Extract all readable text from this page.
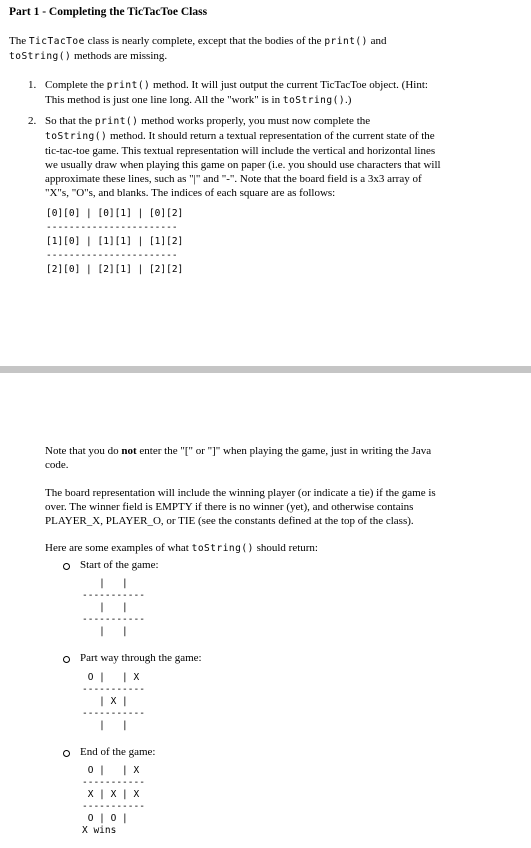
Part 1 - Completing the TicTacToe Class
The TicTacToe class is nearly complete, except that the bodies of the print() and
toString() methods are missing.
1. Complete the print() method. It will just output the current TicTacToe object. (Hint:
This method is just one line long. All the "work" is in toString().)
2. So that the print() method works properly, you must now complete the
toString() method. It should return a textual representation of the current state of the
tic-tac-toe game. This textual representation will include the vertical and horizontal lines
we usually draw when playing this game on paper (i.e. you should use characters that will
approximate these lines, such as "|" and "-". Note that the board field is a 3x3 array of
"X"s, "O"s, and blanks. The indices of each square are as follows:
[0][0] | [0][1] | [0][2]
-----------------------
[1][0] | [1][1] | [1][2]
-----------------------
[2][0] | [2][1] | [2][2]
Note that you do not enter the "[" or "]" when playing the game, just in writing the Java
code.
The board representation will include the winning player (or indicate a tie) if the game is
over. The winner field is EMPTY if there is no winner (yet), and otherwise contains
PLAYER_X, PLAYER_O, or TIE (see the constants defined at the top of the class).
Here are some examples of what toString() should return:
Start of the game:
|   |
-----------
|   |
-----------
|   |
Part way through the game:
O |   | X
-----------
| X |
-----------
|   |
End of the game:
O |   | X
-----------
X | X | X
-----------
O | O |
X wins
